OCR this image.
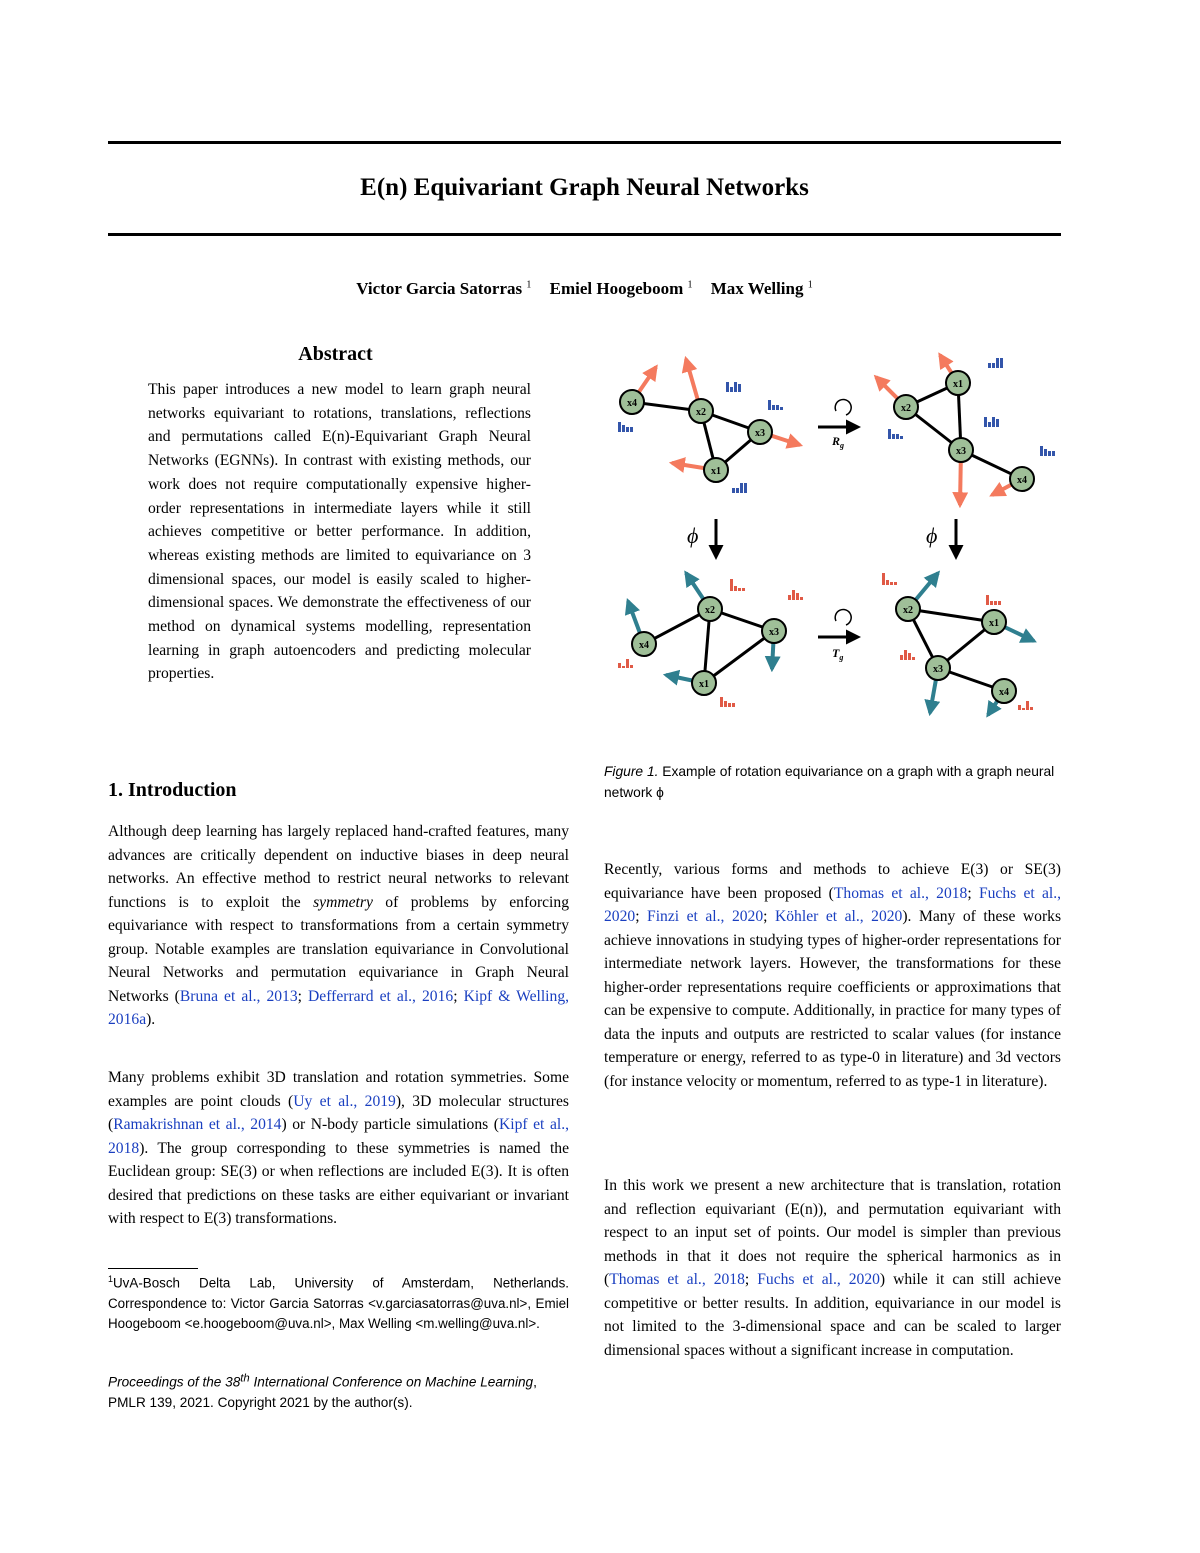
E(n) Equivariant Graph Neural Networks
Victor Garcia Satorras $^1$ Emiel Hoogeboom $^1$ Max Welling $^1$
Abstract
This paper introduces a new model to learn graph neural networks equivariant to rotations, translations, reflections and permutations called E(n)-Equivariant Graph Neural Networks (EGNNs). In contrast with existing methods, our work does not require computationally expensive higher-order representations in intermediate layers while it still achieves competitive or better performance. In addition, whereas existing methods are limited to equivariance on 3 dimensional spaces, our model is easily scaled to higher-dimensional spaces. We demonstrate the effectiveness of our method on dynamical systems modelling, representation learning in graph autoencoders and predicting molecular properties.
1. Introduction
Although deep learning has largely replaced hand-crafted features, many advances are critically dependent on inductive biases in deep neural networks. An effective method to restrict neural networks to relevant functions is to exploit the symmetry of problems by enforcing equivariance with respect to transformations from a certain symmetry group. Notable examples are translation equivariance in Convolutional Neural Networks and permutation equivariance in Graph Neural Networks (Bruna et al., 2013; Defferrard et al., 2016; Kipf & Welling, 2016a).
Many problems exhibit 3D translation and rotation symmetries. Some examples are point clouds (Uy et al., 2019), 3D molecular structures (Ramakrishnan et al., 2014) or N-body particle simulations (Kipf et al., 2018). The group corresponding to these symmetries is named the Euclidean group: SE(3) or when reflections are included E(3). It is often desired that predictions on these tasks are either equivariant or invariant with respect to E(3) transformations.
$^1$UvA-Bosch Delta Lab, University of Amsterdam, Netherlands. Correspondence to: Victor Garcia Satorras <v.garciasatorras@uva.nl>, Emiel Hoogeboom <e.hoogeboom@uva.nl>, Max Welling <m.welling@uva.nl>.
Proceedings of the 38th International Conference on Machine Learning, PMLR 139, 2021. Copyright 2021 by the author(s).
x4
x2
x3
x1
$R_g$
x2
x1
x3
x4
ϕ	ϕ
x4
x2
x3
x1
$T_g$
x2
x1
x3
x4
Figure 1. Example of rotation equivariance on a graph with a graph neural network ϕ
Recently, various forms and methods to achieve E(3) or SE(3) equivariance have been proposed (Thomas et al., 2018; Fuchs et al., 2020; Finzi et al., 2020; Köhler et al., 2020). Many of these works achieve innovations in studying types of higher-order representations for intermediate network layers. However, the transformations for these higher-order representations require coefficients or approximations that can be expensive to compute. Additionally, in practice for many types of data the inputs and outputs are restricted to scalar values (for instance temperature or energy, referred to as type-0 in literature) and 3d vectors (for instance velocity or momentum, referred to as type-1 in literature).
In this work we present a new architecture that is translation, rotation and reflection equivariant (E(n)), and permutation equivariant with respect to an input set of points. Our model is simpler than previous methods in that it does not require the spherical harmonics as in (Thomas et al., 2018; Fuchs et al., 2020) while it can still achieve competitive or better results. In addition, equivariance in our model is not limited to the 3-dimensional space and can be scaled to larger dimensional spaces without a significant increase in computation.
